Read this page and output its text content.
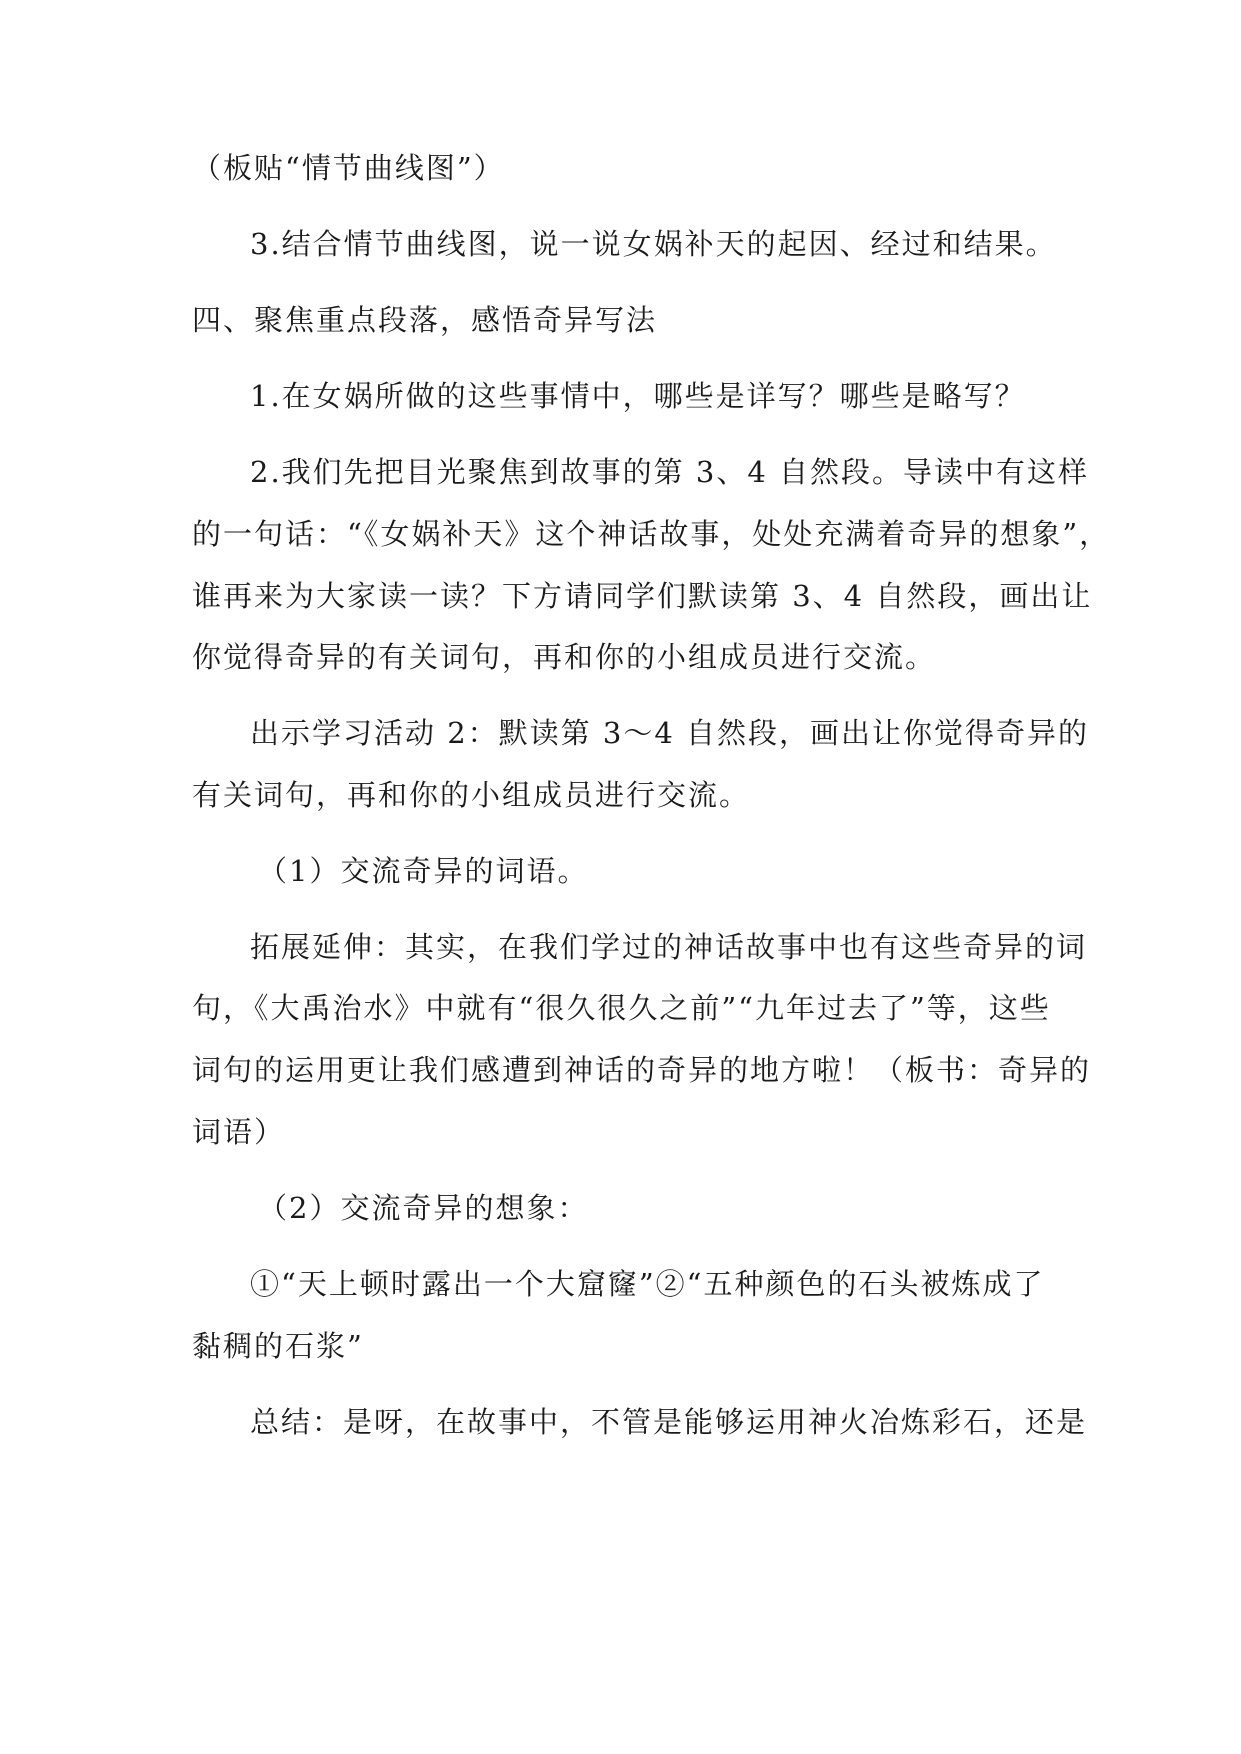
（板贴“情节曲线图”）
3.结合情节曲线图，说一说女娲补天的起因、经过和结果。
四、聚焦重点段落，感悟奇异写法
1.在女娲所做的这些事情中，哪些是详写？哪些是略写？
2.我们先把目光聚焦到故事的第 3、4 自然段。导读中有这样
的一句话：“《女娲补天》这个神话故事，处处充满着奇异的想象”，
谁再来为大家读一读？下方请同学们默读第 3、4 自然段，画出让
你觉得奇异的有关词句，再和你的小组成员进行交流。
出示学习活动 2：默读第 3～4 自然段，画出让你觉得奇异的
有关词句，再和你的小组成员进行交流。
（1）交流奇异的词语。
拓展延伸：其实，在我们学过的神话故事中也有这些奇异的词
句，《大禹治水》中就有“很久很久之前”“九年过去了”等，这些
词句的运用更让我们感遭到神话的奇异的地方啦！（板书：奇异的
词语）
（2）交流奇异的想象：
①“天上顿时露出一个大窟窿”②“五种颜色的石头被炼成了
黏稠的石浆”
总结：是呀，在故事中，不管是能够运用神火冶炼彩石，还是
